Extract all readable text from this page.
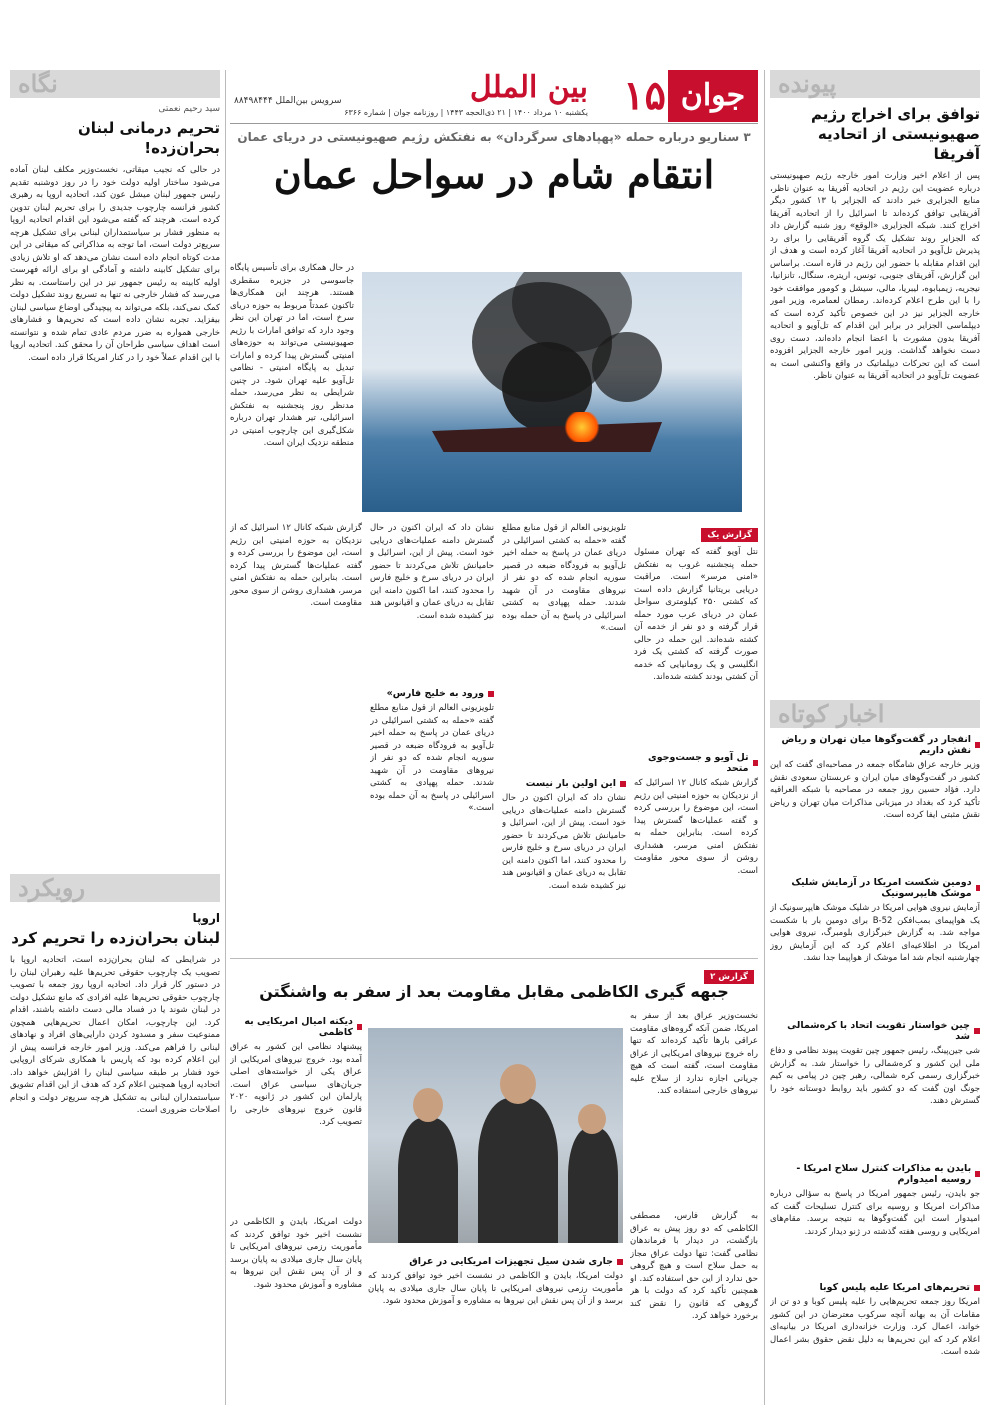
پیونده
توافق برای اخراج رژیم صهیونیستی از اتحادیه آفریقا
پس از اعلام اخیر وزارت امور خارجه رژیم صهیونیستی درباره عضویت این رژیم در اتحادیه آفریقا به عنوان ناظر، منابع الجزایری خبر دادند که الجزایر با ۱۳ کشور دیگر آفریقایی توافق کرده‌اند تا اسرائیل را از اتحادیه آفریقا اخراج کنند. شبکه الجزایری «الوقع» روز شنبه گزارش داد که الجزایر روند تشکیل یک گروه آفریقایی را برای رد پذیرش تل‌آویو در اتحادیه آفریقا آغاز کرده است و هدف از این اقدام مقابله با حضور این رژیم در قاره است. براساس این گزارش، آفریقای جنوبی، تونس، اریتره، سنگال، تانزانیا، نیجریه، زیمبابوه، لیبریا، مالی، سیشل و کومور موافقت خود را با این طرح اعلام کرده‌اند. رمطان لعمامره، وزیر امور خارجه الجزایر نیز در این خصوص تأکید کرده است که دیپلماسی الجزایر در برابر این اقدام که تل‌آویو و اتحادیه آفریقا بدون مشورت با اعضا انجام داده‌اند، دست روی دست نخواهد گذاشت. وزیر امور خارجه الجزایر افزوده است که این تحرکات دیپلماتیک در واقع واکنشی است به عضویت تل‌آویو در اتحادیه آفریقا به عنوان ناظر.
اخبار کوتاه
انفجار در گفت‌وگوها میان تهران و ریاض نقش داریم
وزیر خارجه عراق شامگاه جمعه در مصاحبه‌ای گفت که این کشور در گفت‌وگوهای میان ایران و عربستان سعودی نقش دارد. فؤاد حسین روز جمعه در مصاحبه با شبکه العراقیه تأکید کرد که بغداد در میزبانی مذاکرات میان تهران و ریاض نقش مثبتی ایفا کرده است.
دومین شکست امریکا در آزمایش شلیک موشک هایپرسونیک
آزمایش نیروی هوایی امریکا در شلیک موشک هایپرسونیک از یک هواپیمای بمب‌افکن B-52 برای دومین بار با شکست مواجه شد. به گزارش خبرگزاری بلومبرگ، نیروی هوایی امریکا در اطلاعیه‌ای اعلام کرد که این آزمایش روز چهارشنبه انجام شد اما موشک از هواپیما جدا نشد.
چین خواستار تقویت اتحاد با کره‌شمالی شد
شی جین‌پینگ، رئیس جمهور چین تقویت پیوند نظامی و دفاع ملی این کشور و کره‌شمالی را خواستار شد. به گزارش خبرگزاری رسمی کره شمالی، رهبر چین در پیامی به کیم جونگ اون گفت که دو کشور باید روابط دوستانه خود را گسترش دهند.
بایدن به مذاکرات کنترل سلاح امریکا - روسیه امیدوارم
جو بایدن، رئیس جمهور امریکا در پاسخ به سؤالی درباره مذاکرات امریکا و روسیه برای کنترل تسلیحات گفت که امیدوار است این گفت‌وگوها به نتیجه برسد. مقام‌های امریکایی و روسی هفته گذشته در ژنو دیدار کردند.
تحریم‌های امریکا علیه پلیس کوبا
امریکا روز جمعه تحریم‌هایی را علیه پلیس کوبا و دو تن از مقامات آن به بهانه آنچه سرکوب معترضان در این کشور خواند، اعمال کرد. وزارت خزانه‌داری امریکا در بیانیه‌ای اعلام کرد که این تحریم‌ها به دلیل نقض حقوق بشر اعمال شده است.
نگاه
سید رحیم نعمتی
تحریم درمانی لبنان بحران‌زده!
در حالی که نجیب میقاتی، نخست‌وزیر مکلف لبنان آماده می‌شود ساختار اولیه دولت خود را در روز دوشنبه تقدیم رئیس جمهور لبنان میشل عون کند، اتحادیه اروپا به رهبری کشور فرانسه چارچوب جدیدی را برای تحریم لبنان تدوین کرده است. هرچند که گفته می‌شود این اقدام اتحادیه اروپا به منظور فشار بر سیاستمداران لبنانی برای تشکیل هرچه سریع‌تر دولت است، اما توجه به مذاکراتی که میقاتی در این مدت کوتاه انجام داده است نشان می‌دهد که او تلاش زیادی برای تشکیل کابینه داشته و آمادگی او برای ارائه فهرست اولیه کابینه به رئیس جمهور نیز در این راستاست. به نظر می‌رسد که فشار خارجی نه تنها به تسریع روند تشکیل دولت کمک نمی‌کند، بلکه می‌تواند به پیچیدگی اوضاع سیاسی لبنان بیفزاید. تجربه نشان داده است که تحریم‌ها و فشارهای خارجی همواره به ضرر مردم عادی تمام شده و نتوانسته است اهداف سیاسی طراحان آن را محقق کند. اتحادیه اروپا با این اقدام عملاً خود را در کنار امریکا قرار داده است.
رویکرد
اروپا
لبنان بحران‌زده را تحریم کرد
در شرایطی که لبنان بحران‌زده است، اتحادیه اروپا با تصویب یک چارچوب حقوقی تحریم‌ها علیه رهبران لبنان را در دستور کار قرار داد. اتحادیه اروپا روز جمعه با تصویب چارچوب حقوقی تحریم‌ها علیه افرادی که مانع تشکیل دولت در لبنان شوند یا در فساد مالی دست داشته باشند، اقدام کرد. این چارچوب، امکان اعمال تحریم‌هایی همچون ممنوعیت سفر و مسدود کردن دارایی‌های افراد و نهادهای لبنانی را فراهم می‌کند. وزیر امور خارجه فرانسه پیش از این اعلام کرده بود که پاریس با همکاری شرکای اروپایی خود فشار بر طبقه سیاسی لبنان را افزایش خواهد داد. اتحادیه اروپا همچنین اعلام کرد که هدف از این اقدام تشویق سیاستمداران لبنانی به تشکیل هرچه سریع‌تر دولت و انجام اصلاحات ضروری است.
جوان
۱۵
بین الملل
یکشنبه ۱۰ مرداد ۱۴۰۰ | ۲۱ ذی‌الحجه ۱۴۴۳ | روزنامه جوان | شماره ۶۳۶۶
سرویس بین‌الملل ۸۸۴۹۸۴۴۴
۳ سناریو درباره حمله «پهپادهای سرگردان» به نفتکش رژیم صهیونیستی در دریای عمان
انتقام شام در سواحل عمان
در حال همکاری برای تأسیس پایگاه جاسوسی در جزیره سقطری هستند. هرچند این همکاری‌ها تاکنون عمدتاً مربوط به حوزه دریای سرخ است، اما در تهران این نظر وجود دارد که توافق امارات با رژیم صهیونیستی می‌تواند به حوزه‌های امنیتی گسترش پیدا کرده و امارات تبدیل به پایگاه امنیتی - نظامی تل‌آویو علیه تهران شود. در چنین شرایطی به نظر می‌رسد، حمله مدنظر روز پنجشنبه به نفتکش اسرائیلی، تیر هشدار تهران درباره شکل‌گیری این چارچوب امنیتی در منطقه نزدیک ایران است.
گزارش یک
نتل آویو گفته که تهران مسئول حمله پنجشنبه غروب به نفتکش «امنی مرسر» است. مراقبت دریایی بریتانیا گزارش داده است که کشتی ۲۵۰ کیلومتری سواحل عمان در دریای عرب مورد حمله قرار گرفته و دو نفر از خدمه آن کشته شده‌اند. این حمله در حالی صورت گرفته که کشتی یک فرد انگلیسی و یک رومانیایی که خدمه آن کشتی بودند کشته شده‌اند.
تل آویو و جست‌وجوی متحد
گزارش شبکه کانال ۱۲ اسرائیل که از نزدیکان به حوزه امنیتی این رژیم است، این موضوع را بررسی کرده و گفته عملیات‌ها گسترش پیدا کرده است. بنابراین حمله به نفتکش امنی مرسر، هشداری روشن از سوی محور مقاومت است.
تلویزیونی العالم از قول منابع مطلع گفته «حمله به کشتی اسرائیلی در دریای عمان در پاسخ به حمله اخیر تل‌آویو به فرودگاه ضبعه در قصیر سوریه انجام شده که دو نفر از نیروهای مقاومت در آن شهید شدند. حمله پهپادی به کشتی اسرائیلی در پاسخ به آن حمله بوده است.»
این اولین بار نیست
نشان داد که ایران اکنون در حال گسترش دامنه عملیات‌های دریایی خود است. پیش از این، اسرائیل و حامیانش تلاش می‌کردند تا حضور ایران در دریای سرخ و خلیج فارس را محدود کنند، اما اکنون دامنه این تقابل به دریای عمان و اقیانوس هند نیز کشیده شده است.
نشان داد که ایران اکنون در حال گسترش دامنه عملیات‌های دریایی خود است. پیش از این، اسرائیل و حامیانش تلاش می‌کردند تا حضور ایران در دریای سرخ و خلیج فارس را محدود کنند، اما اکنون دامنه این تقابل به دریای عمان و اقیانوس هند نیز کشیده شده است.
ورود به خلیج فارس»
تلویزیونی العالم از قول منابع مطلع گفته «حمله به کشتی اسرائیلی در دریای عمان در پاسخ به حمله اخیر تل‌آویو به فرودگاه ضبعه در قصیر سوریه انجام شده که دو نفر از نیروهای مقاومت در آن شهید شدند. حمله پهپادی به کشتی اسرائیلی در پاسخ به آن حمله بوده است.»
گزارش شبکه کانال ۱۲ اسرائیل که از نزدیکان به حوزه امنیتی این رژیم است، این موضوع را بررسی کرده و گفته عملیات‌ها گسترش پیدا کرده است. بنابراین حمله به نفتکش امنی مرسر، هشداری روشن از سوی محور مقاومت است.
گزارش ۲
جبهه گیری الکاظمی مقابل مقاومت بعد از سفر به واشنگتن
نخست‌وزیر عراق بعد از سفر به امریکا، ضمن آنکه گروه‌های مقاومت عراقی بارها تأکید کرده‌اند که تنها راه خروج نیروهای امریکایی از عراق مقاومت است، گفته است که هیچ جریانی اجازه ندارد از سلاح علیه نیروهای خارجی استفاده کند.
به گزارش فارس، مصطفی الکاظمی که دو روز پیش به عراق بازگشت، در دیدار با فرماندهان نظامی گفت: تنها دولت عراق مجاز به حمل سلاح است و هیچ گروهی حق ندارد از این حق استفاده کند. او همچنین تأکید کرد که دولت با هر گروهی که قانون را نقض کند برخورد خواهد کرد.
جاری شدن سیل تجهیزات امریکایی در عراق
دولت امریکا، بایدن و الکاظمی در نشست اخیر خود توافق کردند که مأموریت رزمی نیروهای امریکایی تا پایان سال جاری میلادی به پایان برسد و از آن پس نقش این نیروها به مشاوره و آموزش محدود شود.
دیکته امیال امریکایی به کاظمی
پیشنهاد نظامی این کشور به عراق آمده بود. خروج نیروهای امریکایی از عراق یکی از خواسته‌های اصلی جریان‌های سیاسی عراق است. پارلمان این کشور در ژانویه ۲۰۲۰ قانون خروج نیروهای خارجی را تصویب کرد.
دولت امریکا، بایدن و الکاظمی در نشست اخیر خود توافق کردند که مأموریت رزمی نیروهای امریکایی تا پایان سال جاری میلادی به پایان برسد و از آن پس نقش این نیروها به مشاوره و آموزش محدود شود.
